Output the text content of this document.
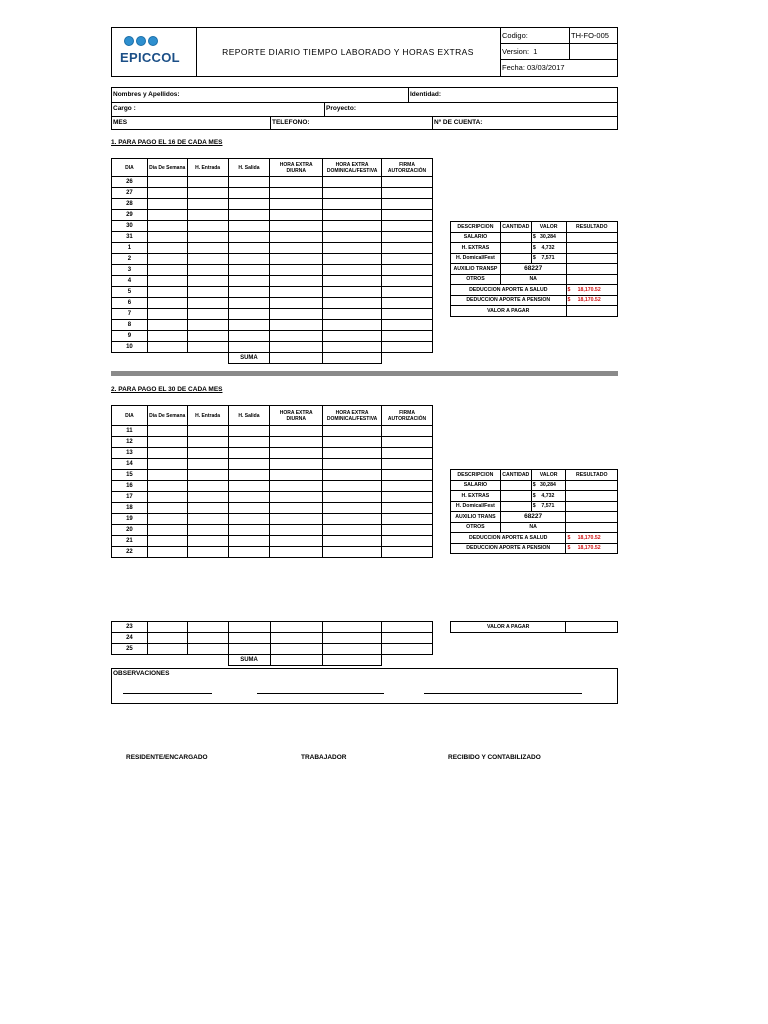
EPICCOL	REPORTE DIARIO TIEMPO LABORADO Y HORAS EXTRAS
Codigo:	TH-FO-005
Version: 1
Fecha: 03/03/2017
Nombres y Apellidos:	Identidad:
Cargo :	Proyecto:
MES	TELEFONO:	Nº DE CUENTA:
1. PARA PAGO EL 16 DE CADA MES
DIA	Dia De Semana	H. Entrada	H. Salida	HORA EXTRA DIURNA	HORA EXTRA DOMINICAL/FESTIVA	FIRMA AUTORIZACIÓN
26						
27						
28						
29						
30						
31						
1						
2						
3						
4						
5						
6						
7						
8						
9						
10						
			SUMA			
DESCRIPCION	CANTIDAD	VALOR	RESULTADO
SALARIO		$ 30,284	
H. EXTRAS		$ 4,732	
H. Domical/Fest		$ 7,571	
AUXILIO TRANSP	68227		
OTROS	NA		
DEDUCCION APORTE A SALUD			$ 18,170.52
DEDUCCION APORTE A PENSION			$ 18,170.52
VALOR A PAGAR			
2. PARA PAGO EL 30 DE CADA MES
DIA	Dia De Semana	H. Entrada	H. Salida	HORA EXTRA DIURNA	HORA EXTRA DOMINICAL/FESTIVA	FIRMA AUTORIZACIÓN
11						
12						
13						
14						
15						
16						
17						
18						
19						
20						
21						
22						
DESCRIPCION	CANTIDAD	VALOR	RESULTADO
SALARIO		$ 30,284	
H. EXTRAS		$ 4,732	
H. Domical/Fest		$ 7,571	
AUXILIO TRANS	68227		
OTROS	NA		
DEDUCCION APORTE A SALUD			$ 18,170.52
DEDUCCION APORTE A PENSION			$ 18,170.52
23						
24						
25						
			SUMA			
VALOR A PAGAR	
OBSERVACIONES
RESIDENTE/ENCARGADO	TRABAJADOR	RECIBIDO Y CONTABILIZADO
